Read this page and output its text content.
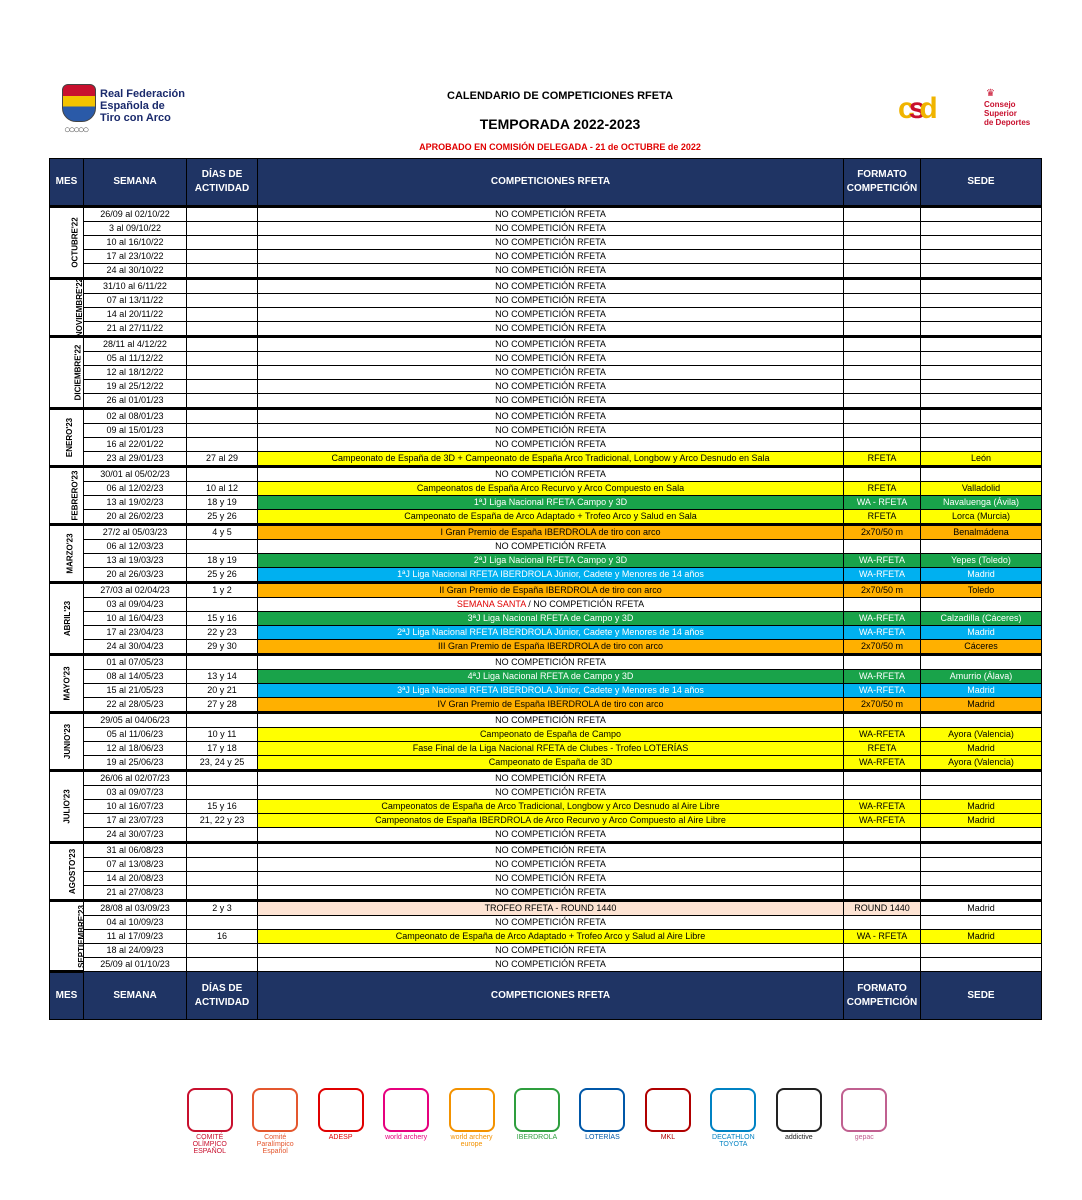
○○○○○
Real Federación
Española de
Tiro con Arco
CALENDARIO DE COMPETICIONES RFETA
TEMPORADA 2022-2023
APROBADO EN COMISIÓN DELEGADA - 21 de OCTUBRE de 2022
csd	♛
Consejo
Superior
de Deportes
MES	SEMANA	DÍAS DE ACTIVIDAD	COMPETICIONES RFETA	FORMATO COMPETICIÓN	SEDE
OCTUBRE'22	26/09 al 02/10/22		NO COMPETICIÓN RFETA		
	3 al 09/10/22		NO COMPETICIÓN RFETA		
	10 al 16/10/22		NO COMPETICIÓN RFETA		
	17 al 23/10/22		NO COMPETICIÓN RFETA		
	24 al 30/10/22		NO COMPETICIÓN RFETA		
NOVIEMBRE'22	31/10 al 6/11/22		NO COMPETICIÓN RFETA		
	07 al 13/11/22		NO COMPETICIÓN RFETA		
	14 al 20/11/22		NO COMPETICIÓN RFETA		
	21 al 27/11/22		NO COMPETICIÓN RFETA		
DICIEMBRE'22	28/11 al 4/12/22		NO COMPETICIÓN RFETA		
	05 al 11/12/22		NO COMPETICIÓN RFETA		
	12 al 18/12/22		NO COMPETICIÓN RFETA		
	19 al 25/12/22		NO COMPETICIÓN RFETA		
	26 al 01/01/23		NO COMPETICIÓN RFETA		
ENERO'23	02 al 08/01/23		NO COMPETICIÓN RFETA		
	09 al 15/01/23		NO COMPETICIÓN RFETA		
	16 al 22/01/22		NO COMPETICIÓN RFETA		
	23 al 29/01/23	27 al 29	Campeonato de España de 3D + Campeonato de España Arco Tradicional, Longbow y Arco Desnudo en Sala	RFETA	León
FEBRERO'23	30/01 al 05/02/23		NO COMPETICIÓN RFETA		
	06 al 12/02/23	10 al 12	Campeonatos de España Arco Recurvo y Arco Compuesto en Sala	RFETA	Valladolid
	13 al 19/02/23	18 y 19	1ªJ Liga Nacional RFETA Campo y 3D	WA - RFETA	Navaluenga (Ávila)
	20 al 26/02/23	25 y 26	Campeonato de España de Arco Adaptado + Trofeo Arco y Salud en Sala	RFETA	Lorca (Murcia)
MARZO'23	27/2 al 05/03/23	4 y 5	I Gran Premio de España IBERDROLA de tiro con arco	2x70/50 m	Benalmádena
	06 al 12/03/23		NO COMPETICIÓN RFETA		
	13 al 19/03/23	18 y 19	2ªJ Liga Nacional RFETA Campo y 3D	WA-RFETA	Yepes (Toledo)
	20 al 26/03/23	25 y 26	1ªJ Liga Nacional RFETA IBERDROLA Júnior, Cadete y Menores de 14 años	WA-RFETA	Madrid
ABRIL'23	27/03 al 02/04/23	1 y 2	II Gran Premio de España IBERDROLA de tiro con arco	2x70/50 m	Toledo
	03 al 09/04/23		SEMANA SANTA / NO COMPETICIÓN RFETA		
	10 al 16/04/23	15 y 16	3ªJ Liga Nacional RFETA de Campo y 3D	WA-RFETA	Calzadilla (Cáceres)
	17 al 23/04/23	22 y 23	2ªJ Liga Nacional RFETA IBERDROLA Júnior, Cadete y Menores de 14 años	WA-RFETA	Madrid
	24 al 30/04/23	29 y 30	III Gran Premio de España IBERDROLA de tiro con arco	2x70/50 m	Cáceres
MAYO'23	01 al 07/05/23		NO COMPETICIÓN RFETA		
	08 al 14/05/23	13 y 14	4ªJ Liga Nacional RFETA de Campo y 3D	WA-RFETA	Amurrio (Álava)
	15 al 21/05/23	20 y 21	3ªJ Liga Nacional RFETA IBERDROLA Júnior, Cadete y Menores de 14 años	WA-RFETA	Madrid
	22 al 28/05/23	27 y 28	IV Gran Premio de España IBERDROLA de tiro con arco	2x70/50 m	Madrid
JUNIO'23	29/05 al 04/06/23		NO COMPETICIÓN RFETA		
	05 al 11/06/23	10 y 11	Campeonato de España de Campo	WA-RFETA	Ayora (Valencia)
	12 al 18/06/23	17 y 18	Fase Final de la Liga Nacional RFETA de Clubes - Trofeo LOTERÍAS	RFETA	Madrid
	19 al 25/06/23	23, 24 y 25	Campeonato de España de 3D	WA-RFETA	Ayora (Valencia)
JULIO'23	26/06 al 02/07/23		NO COMPETICIÓN RFETA		
	03 al 09/07/23		NO COMPETICIÓN RFETA		
	10 al 16/07/23	15 y 16	Campeonatos de España de Arco Tradicional, Longbow y Arco Desnudo al Aire Libre	WA-RFETA	Madrid
	17 al 23/07/23	21, 22 y 23	Campeonatos de España IBERDROLA de Arco Recurvo y Arco Compuesto al Aire Libre	WA-RFETA	Madrid
	24 al 30/07/23		NO COMPETICIÓN RFETA		
AGOSTO'23	31 al 06/08/23		NO COMPETICIÓN RFETA		
	07 al 13/08/23		NO COMPETICIÓN RFETA		
	14 al 20/08/23		NO COMPETICIÓN RFETA		
	21 al 27/08/23		NO COMPETICIÓN RFETA		
SEPTIEMBRE'23	28/08 al 03/09/23	2 y 3	TROFEO RFETA - ROUND 1440	ROUND 1440	Madrid
	04 al 10/09/23		NO COMPETICIÓN RFETA		
	11 al 17/09/23	16	Campeonato de España de Arco Adaptado + Trofeo Arco y Salud al Aire Libre	WA - RFETA	Madrid
	18 al 24/09/23		NO COMPETICIÓN RFETA		
	25/09 al 01/10/23		NO COMPETICIÓN RFETA		
MES	SEMANA	DÍAS DE ACTIVIDAD	COMPETICIONES RFETA	FORMATO COMPETICIÓN	SEDE
COMITÉ OLÍMPICO ESPAÑOL
Comité Paralímpico Español
ADESP	world archery	world archery europe
IBERDROLA	LOTERÍAS	MKL	DECATHLON TOYOTA
addictive	gepac
